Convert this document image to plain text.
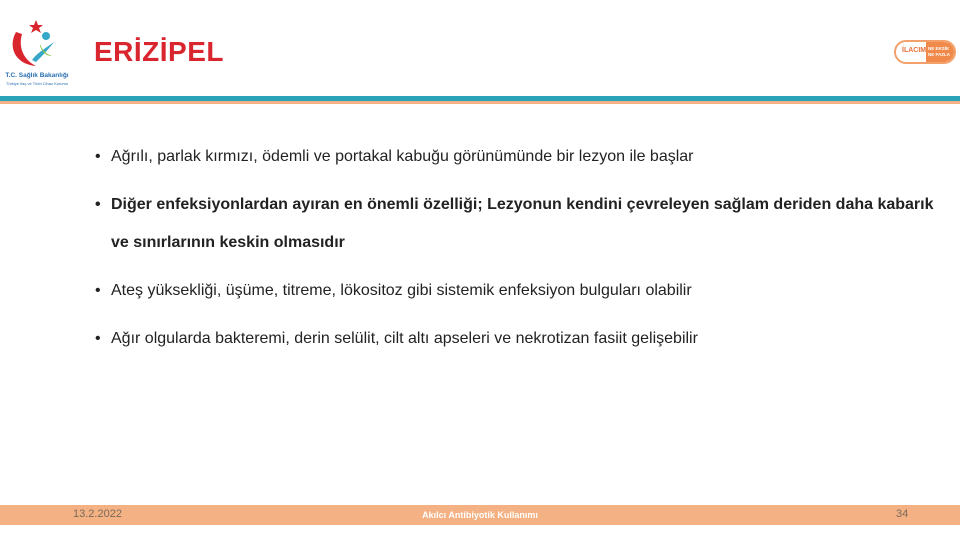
T.C. Sağlık Bakanlığı
Türkiye İlaç ve Tıbbi Cihaz Kurumu
ERİZİPEL	İLACIM NE EKSİK
NE FAZLA
• Ağrılı, parlak kırmızı, ödemli ve portakal kabuğu görünümünde bir lezyon ile başlar
• Diğer enfeksiyonlardan ayıran en önemli özelliği; Lezyonun kendini çevreleyen sağlam deriden daha kabarık ve sınırlarının keskin olmasıdır
• Ateş yüksekliği, üşüme, titreme, lökositoz gibi sistemik enfeksiyon bulguları olabilir
• Ağır olgularda bakteremi, derin selülit, cilt altı apseleri ve nekrotizan fasiit gelişebilir
13.2.2022	Akılcı Antibiyotik Kullanımı	34
